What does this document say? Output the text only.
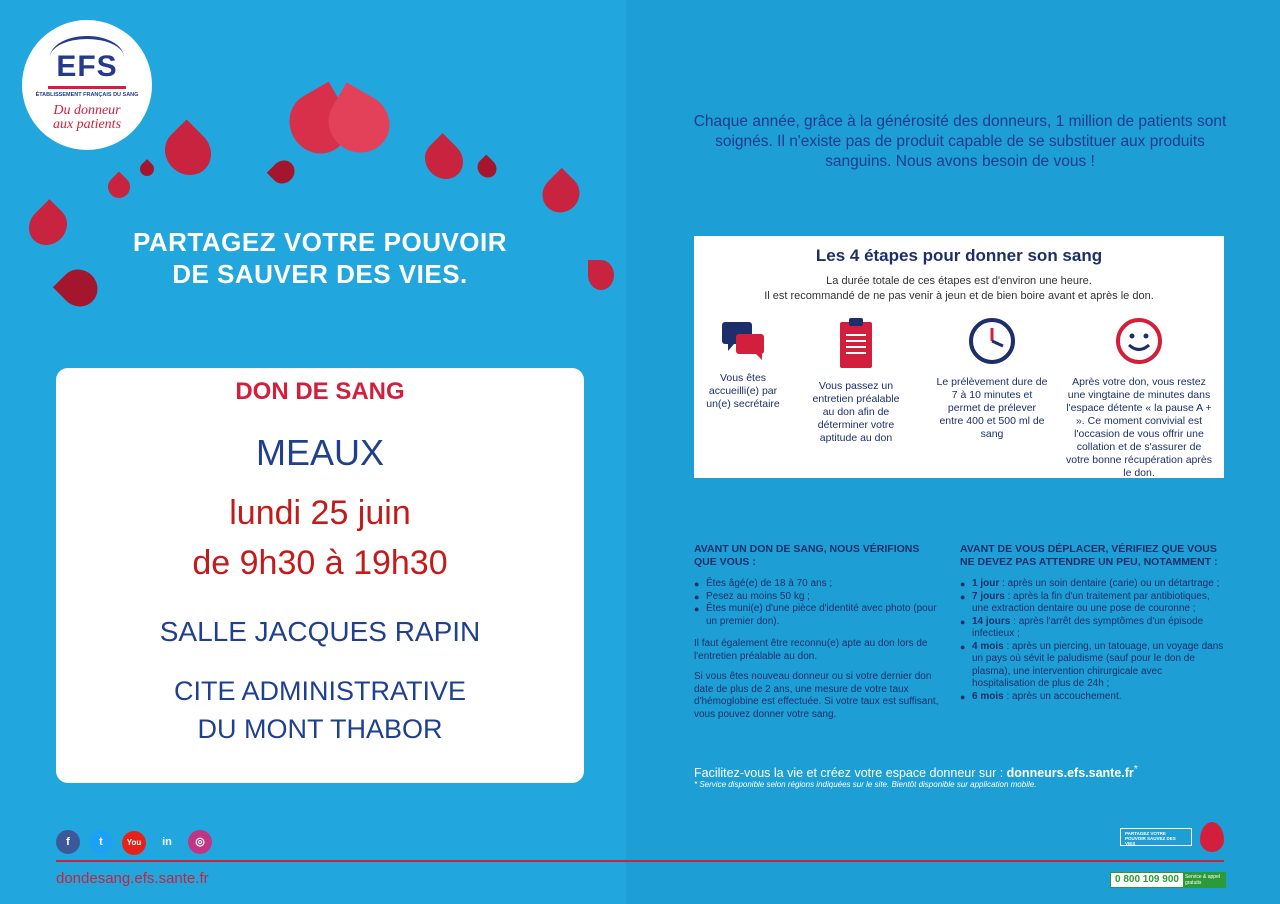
EFS
ÉTABLISSEMENT FRANÇAIS DU SANG
Du donneur
aux patients
PARTAGEZ VOTRE POUVOIR
DE SAUVER DES VIES.
DON DE SANG
MEAUX
lundi 25 juin
de 9h30 à 19h30
SALLE JACQUES RAPIN
CITE ADMINISTRATIVE
DU MONT THABOR
f	t	You in ◎
dondesang.efs.sante.fr
Chaque année, grâce à la générosité des donneurs, 1 million de patients sont soignés. Il n'existe pas de produit capable de se substituer aux produits sanguins. Nous avons besoin de vous !
Les 4 étapes pour donner son sang
La durée totale de ces étapes est d'environ une heure.
Il est recommandé de ne pas venir à jeun et de bien boire avant et après le don.
Vous êtes accueilli(e) par un(e) secrétaire
Vous passez un entretien préalable au don afin de déterminer votre aptitude au don
Le prélèvement dure de 7 à 10 minutes et permet de prélever entre 400 et 500 ml de sang
Après votre don, vous restez une vingtaine de minutes dans l'espace détente « la pause A + ». Ce moment convivial est l'occasion de vous offrir une collation et de s'assurer de votre bonne récupération après le don.
AVANT UN DON DE SANG, NOUS VÉRIFIONS QUE VOUS :
● Êtes âgé(e) de 18 à 70 ans ;
● Pesez au moins 50 kg ;
● Êtes muni(e) d'une pièce d'identité avec photo (pour un premier don).

Il faut également être reconnu(e) apte au don lors de l'entretien préalable au don.

Si vous êtes nouveau donneur ou si votre dernier don date de plus de 2 ans, une mesure de votre taux d'hémoglobine est effectuée. Si votre taux est suffisant, vous pouvez donner votre sang.

AVANT DE VOUS DÉPLACER, VÉRIFIEZ QUE VOUS NE DEVEZ PAS ATTENDRE UN PEU, NOTAMMENT :
● 1 jour : après un soin dentaire (carie) ou un détartrage ;
● 7 jours : après la fin d'un traitement par antibiotiques, une extraction dentaire ou une pose de couronne ;
● 14 jours : après l'arrêt des symptômes d'un épisode infectieux ;
● 4 mois : après un piercing, un tatouage, un voyage dans un pays où sévit le paludisme (sauf pour le don de plasma), une intervention chirurgicale avec hospitalisation de plus de 24h ;
● 6 mois : après un accouchement.
Facilitez-vous la vie et créez votre espace donneur sur : donneurs.efs.sante.fr*
* Service disponible selon régions indiquées sur le site. Bientôt disponible sur application mobile.
PARTAGEZ VOTRE POUVOIR SAUVEZ DES VIES
0 800 109 900	Service & appel gratuits
